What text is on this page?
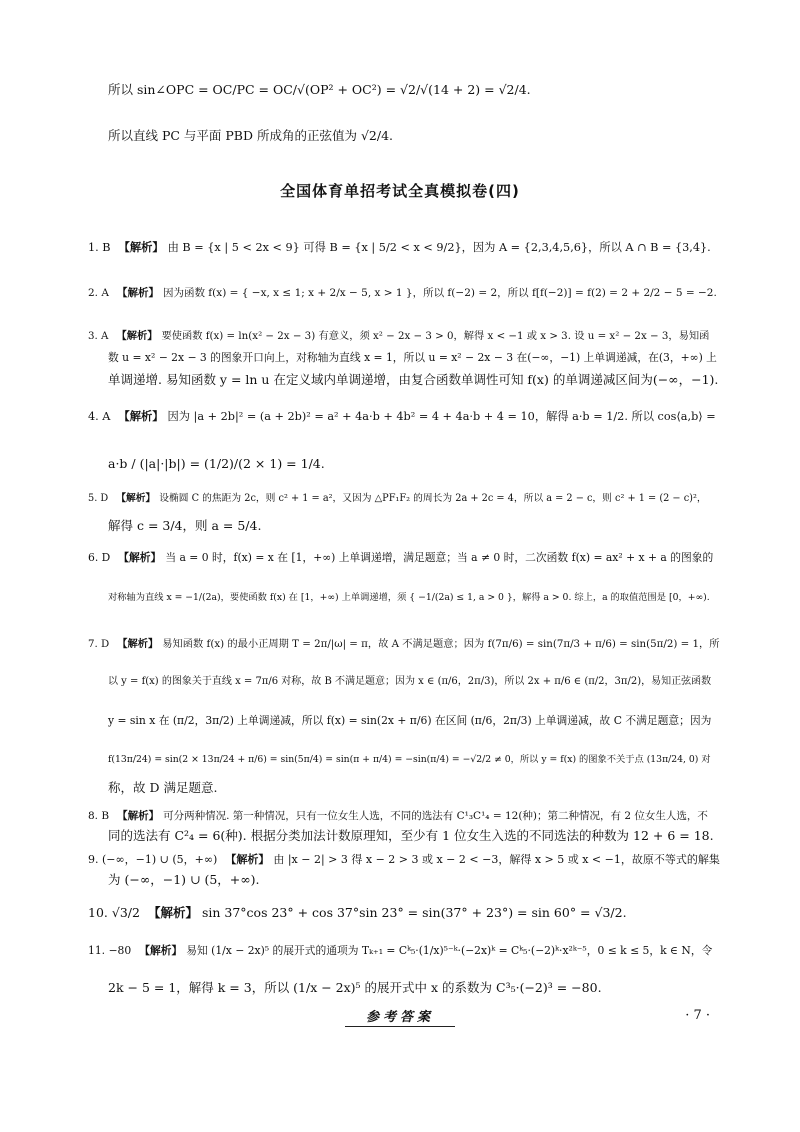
所以 sin∠OPC = OC/PC = OC/√(OP² + OC²) = √2/√(14 + 2) = √2/4.
所以直线 PC 与平面 PBD 所成角的正弦值为 √2/4.
全国体育单招考试全真模拟卷(四)
1. B 【解析】 由 B = {x | 5 < 2x < 9} 可得 B = {x | 5/2 < x < 9/2}，因为 A = {2,3,4,5,6}，所以 A ∩ B = {3,4}.
2. A 【解析】 因为函数 f(x) = { −x, x ≤ 1; x + 2/x − 5, x > 1 }，所以 f(−2) = 2，所以 f[f(−2)] = f(2) = 2 + 2/2 − 5 = −2.
3. A 【解析】 要使函数 f(x) = ln(x² − 2x − 3) 有意义，须 x² − 2x − 3 > 0，解得 x < −1 或 x > 3. 设 u = x² − 2x − 3，易知函
数 u = x² − 2x − 3 的图象开口向上，对称轴为直线 x = 1，所以 u = x² − 2x − 3 在(−∞，−1) 上单调递减，在(3，+∞) 上
单调递增. 易知函数 y = ln u 在定义域内单调递增，由复合函数单调性可知 f(x) 的单调递减区间为(−∞，−1).
4. A 【解析】 因为 |a + 2b|² = (a + 2b)² = a² + 4a·b + 4b² = 4 + 4a·b + 4 = 10，解得 a·b = 1/2. 所以 cos⟨a,b⟩ =
a·b / (|a|·|b|) = (1/2)/(2 × 1) = 1/4.
5. D 【解析】 设椭圆 C 的焦距为 2c，则 c² + 1 = a²，又因为 △PF₁F₂ 的周长为 2a + 2c = 4，所以 a = 2 − c，则 c² + 1 = (2 − c)²，
解得 c = 3/4，则 a = 5/4.
6. D 【解析】 当 a = 0 时，f(x) = x 在 [1，+∞) 上单调递增，满足题意；当 a ≠ 0 时，二次函数 f(x) = ax² + x + a 的图象的
对称轴为直线 x = −1/(2a)，要使函数 f(x) 在 [1，+∞) 上单调递增，须 { −1/(2a) ≤ 1, a > 0 }，解得 a > 0. 综上，a 的取值范围是 [0，+∞).
7. D 【解析】 易知函数 f(x) 的最小正周期 T = 2π/|ω| = π，故 A 不满足题意；因为 f(7π/6) = sin(7π/3 + π/6) = sin(5π/2) = 1，所
以 y = f(x) 的图象关于直线 x = 7π/6 对称，故 B 不满足题意；因为 x ∈ (π/6，2π/3)，所以 2x + π/6 ∈ (π/2，3π/2)，易知正弦函数
y = sin x 在 (π/2，3π/2) 上单调递减，所以 f(x) = sin(2x + π/6) 在区间 (π/6，2π/3) 上单调递减，故 C 不满足题意；因为
f(13π/24) = sin(2 × 13π/24 + π/6) = sin(5π/4) = sin(π + π/4) = −sin(π/4) = −√2/2 ≠ 0，所以 y = f(x) 的图象不关于点 (13π/24, 0) 对
称，故 D 满足题意.
8. B 【解析】 可分两种情况. 第一种情况，只有一位女生人选，不同的选法有 C¹₃C¹₄ = 12(种)；第二种情况，有 2 位女生人选，不
同的选法有 C²₄ = 6(种). 根据分类加法计数原理知，至少有 1 位女生入选的不同选法的种数为 12 + 6 = 18.
9. (−∞，−1) ∪ (5，+∞) 【解析】 由 |x − 2| > 3 得 x − 2 > 3 或 x − 2 < −3，解得 x > 5 或 x < −1，故原不等式的解集
为 (−∞，−1) ∪ (5，+∞).
10. √3/2 【解析】 sin 37°cos 23° + cos 37°sin 23° = sin(37° + 23°) = sin 60° = √3/2.
11. −80 【解析】 易知 (1/x − 2x)⁵ 的展开式的通项为 Tₖ₊₁ = Cᵏ₅·(1/x)⁵⁻ᵏ·(−2x)ᵏ = Cᵏ₅·(−2)ᵏ·x²ᵏ⁻⁵，0 ≤ k ≤ 5，k ∈ N，令
2k − 5 = 1，解得 k = 3，所以 (1/x − 2x)⁵ 的展开式中 x 的系数为 C³₅·(−2)³ = −80.
参考答案	· 7 ·
